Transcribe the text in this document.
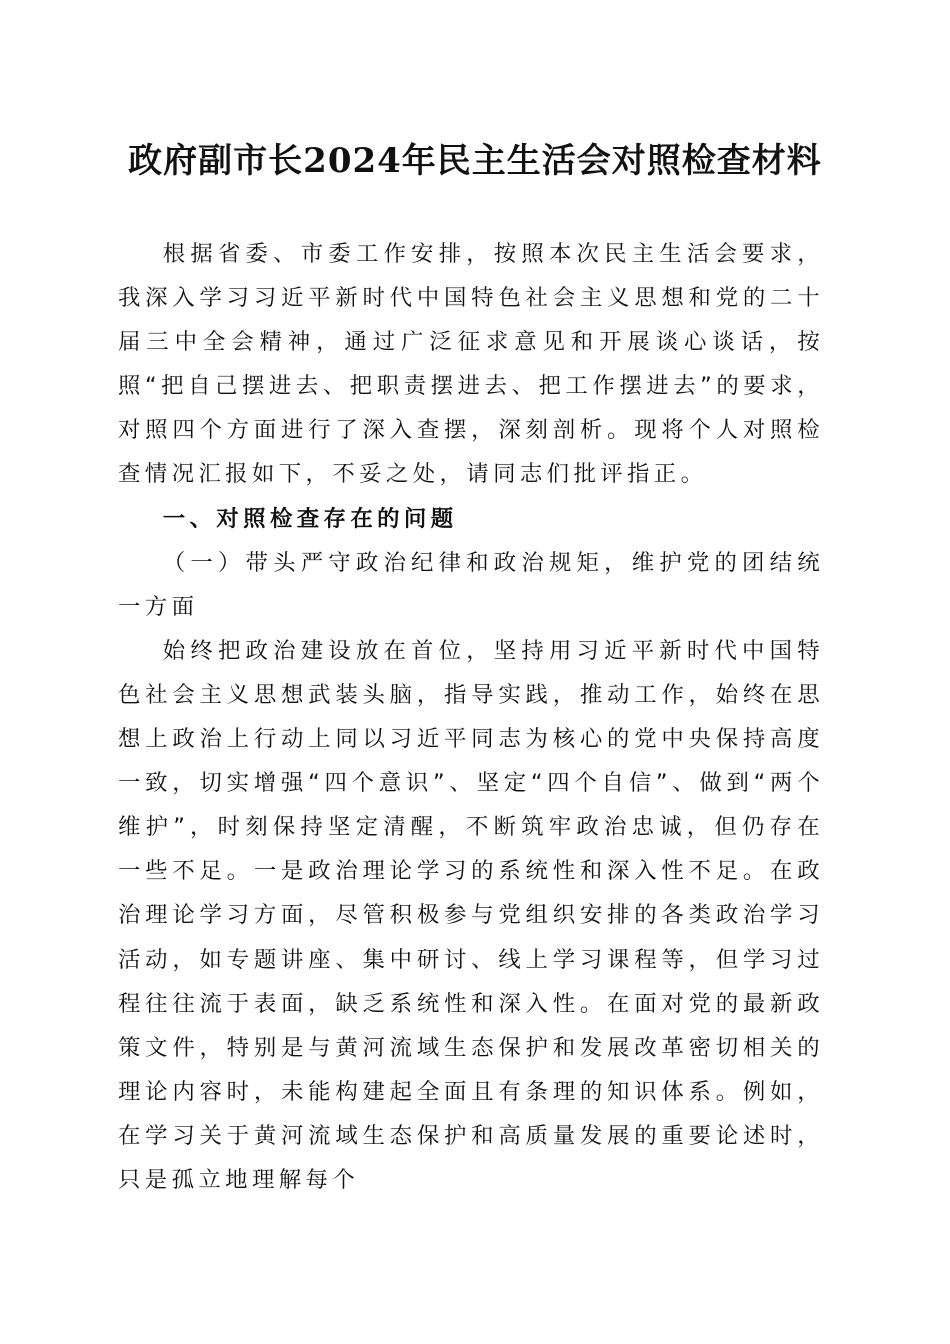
政府副市长2024年民主生活会对照检查材料

根据省委、市委工作安排，按照本次民主生活会要求，我深入学习习近平新时代中国特色社会主义思想和党的二十届三中全会精神，通过广泛征求意见和开展谈心谈话，按照“把自己摆进去、把职责摆进去、把工作摆进去”的要求，对照四个方面进行了深入查摆，深刻剖析。现将个人对照检查情况汇报如下，不妥之处，请同志们批评指正。

一、对照检查存在的问题

（一）带头严守政治纪律和政治规矩，维护党的团结统一方面

始终把政治建设放在首位，坚持用习近平新时代中国特色社会主义思想武装头脑，指导实践，推动工作，始终在思想上政治上行动上同以习近平同志为核心的党中央保持高度一致，切实增强“四个意识”、坚定“四个自信”、做到“两个维护”，时刻保持坚定清醒，不断筑牢政治忠诚，但仍存在一些不足。一是政治理论学习的系统性和深入性不足。在政治理论学习方面，尽管积极参与党组织安排的各类政治学习活动，如专题讲座、集中研讨、线上学习课程等，但学习过程往往流于表面，缺乏系统性和深入性。在面对党的最新政策文件，特别是与黄河流域生态保护和发展改革密切相关的理论内容时，未能构建起全面且有条理的知识体系。例如，在学习关于黄河流域生态保护和高质量发展的重要论述时，只是孤立地理解每个
